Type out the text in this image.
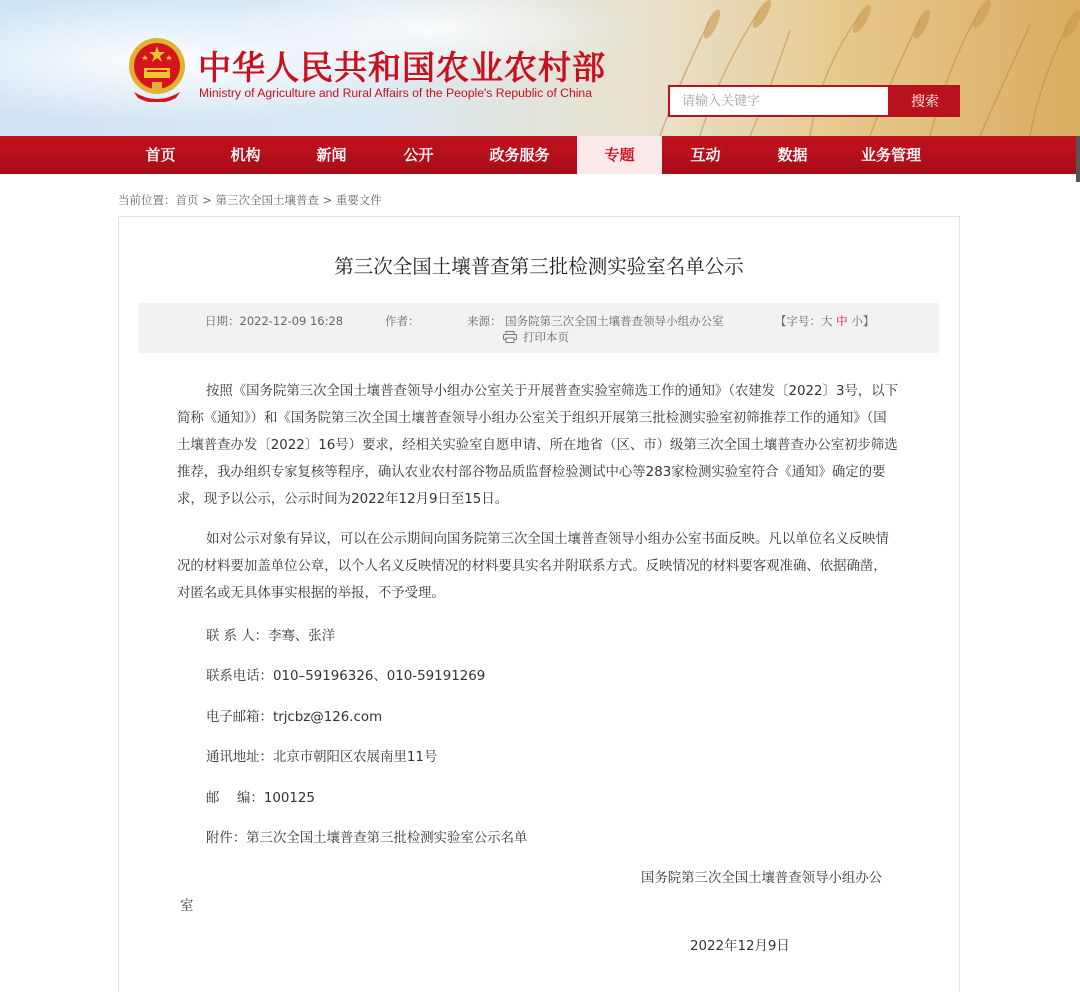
中华人民共和国农业农村部
Ministry of Agriculture and Rural Affairs of the People's Republic of China
请输入关键字
搜索
首页	机构	新闻	公开	政务服务	专题	互动	数据	业务管理
当前位置：首页 > 第三次全国土壤普查 > 重要文件
第三次全国土壤普查第三批检测实验室名单公示
日期：2022-12-09 16:28	作者：	来源： 国务院第三次全国土壤普查领导小组办公室
打印本页
【字号：大 中 小】
按照《国务院第三次全国土壤普查领导小组办公室关于开展普查实验室筛选工作的通知》（农建发〔2022〕3号，以下简称《通知》）和《国务院第三次全国土壤普查领导小组办公室关于组织开展第三批检测实验室初筛推荐工作的通知》（国土壤普查办发〔2022〕16号）要求，经相关实验室自愿申请、所在地省（区、市）级第三次全国土壤普查办公室初步筛选推荐，我办组织专家复核等程序，确认农业农村部谷物品质监督检验测试中心等283家检测实验室符合《通知》确定的要求，现予以公示，公示时间为2022年12月9日至15日。
如对公示对象有异议，可以在公示期间向国务院第三次全国土壤普查领导小组办公室书面反映。凡以单位名义反映情况的材料要加盖单位公章，以个人名义反映情况的材料要具实名并附联系方式。反映情况的材料要客观准确、依据确凿，对匿名或无具体事实根据的举报，不予受理。
联 系 人：李骞、张洋
联系电话：010–59196326、010-59191269
电子邮箱：trjcbz@126.com
通讯地址：北京市朝阳区农展南里11号
邮　 编：100125
附件：第三次全国土壤普查第三批检测实验室公示名单
国务院第三次全国土壤普查领导小组办公
室
2022年12月9日
